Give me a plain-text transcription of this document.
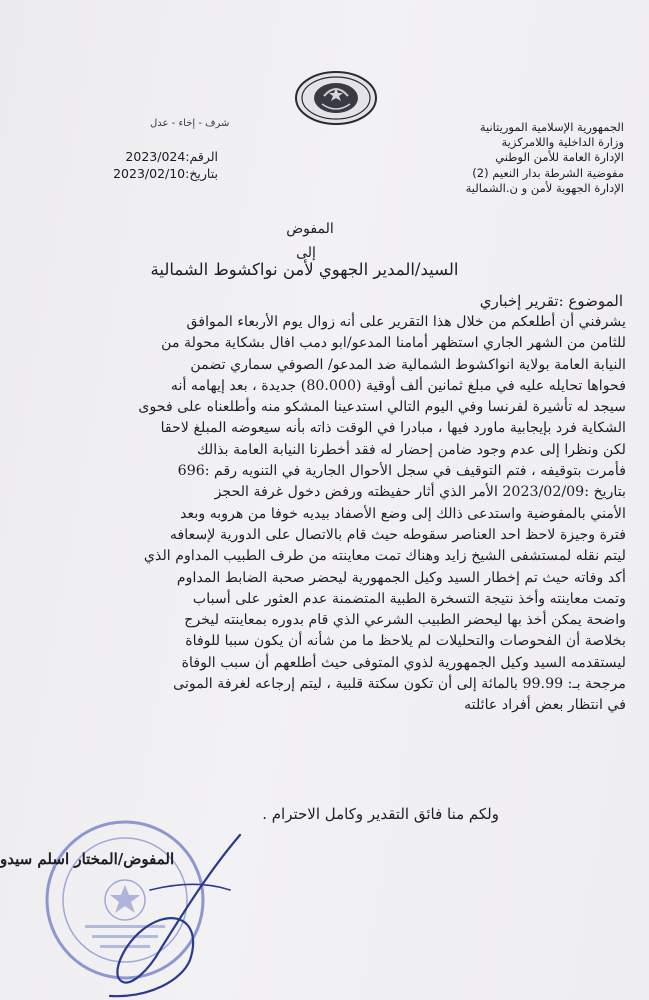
الجمهورية الإسلامية الموريتانية
وزارة الداخلية واللامركزية
الإدارة العامة للأمن الوطني
مفوضية الشرطة بدار النعيم (2)
الإدارة الجهوية لأمن و ن.الشمالية
شرف - إخاء - عدل
الرقم:2023/024
بتاريخ:2023/02/10
المفوض
إلى
السيد/المدير الجهوي لأمن نواكشوط الشمالية
الموضوع :تقرير إخباري
يشرفني أن أطلعكم من خلال هذا التقرير على أنه زوال يوم الأربعاء الموافق
للثامن من الشهر الجاري استظهر أمامنا المدعو/ابو دمب افال بشكاية محولة من
النيابة العامة بولاية انواكشوط الشمالية ضد المدعو/ الصوفي سماري تضمن
فحواها تحايله عليه في مبلغ ثمانين ألف أوقية (80.000) جديدة ، بعد إيهامه أنه
سيجد له تأشيرة لفرنسا وفي اليوم التالي استدعينا المشكو منه وأطلعناه على فحوى
الشكاية فرد بإيجابية ماورد فيها ، مبادرا في الوقت ذاته بأنه سيعوضه المبلغ لاحقا
لكن ونظرا إلى عدم وجود ضامن إحضار له فقد أخطرنا النيابة العامة بذالك
فأمرت بتوقيفه ، فتم التوقيف في سجل الأحوال الجارية في التنويه رقم :696
بتاريخ :2023/02/09 الأمر الذي أثار حفيظته ورفض دخول غرفة الحجز
الأمني بالمفوضية واستدعى ذالك إلى وضع الأصفاد بيديه خوفا من هروبه وبعد
فترة وجيزة لاحظ احد العناصر سقوطه حيث قام بالاتصال على الدورية لإسعافه
ليتم نقله لمستشفى الشيخ زايد وهناك تمت معاينته من طرف الطبيب المداوم الذي
أكد وفاته حيث تم إخطار السيد وكيل الجمهورية ليحضر صحبة الضابط المداوم
وتمت معاينته وأخذ نتيجة التسخرة الطبية المتضمنة عدم العثور على أسباب
واضحة يمكن أخذ بها ليحضر الطبيب الشرعي الذي قام بدوره بمعاينته ليخرج
بخلاصة أن الفحوصات والتحليلات لم يلاحظ ما من شأنه أن يكون سببا للوفاة
ليستقدمه السيد وكيل الجمهورية لذوي المتوفى حيث أطلعهم أن سبب الوفاة
مرجحة بـ: 99.99 بالمائة إلى أن تكون سكتة قلبية ، ليتم إرجاعه لغرفة الموتى
في انتظار بعض أفراد عائلته
ولكم منا فائق التقدير وكامل الاحترام .
المفوض/المختار اسلم سيدو
